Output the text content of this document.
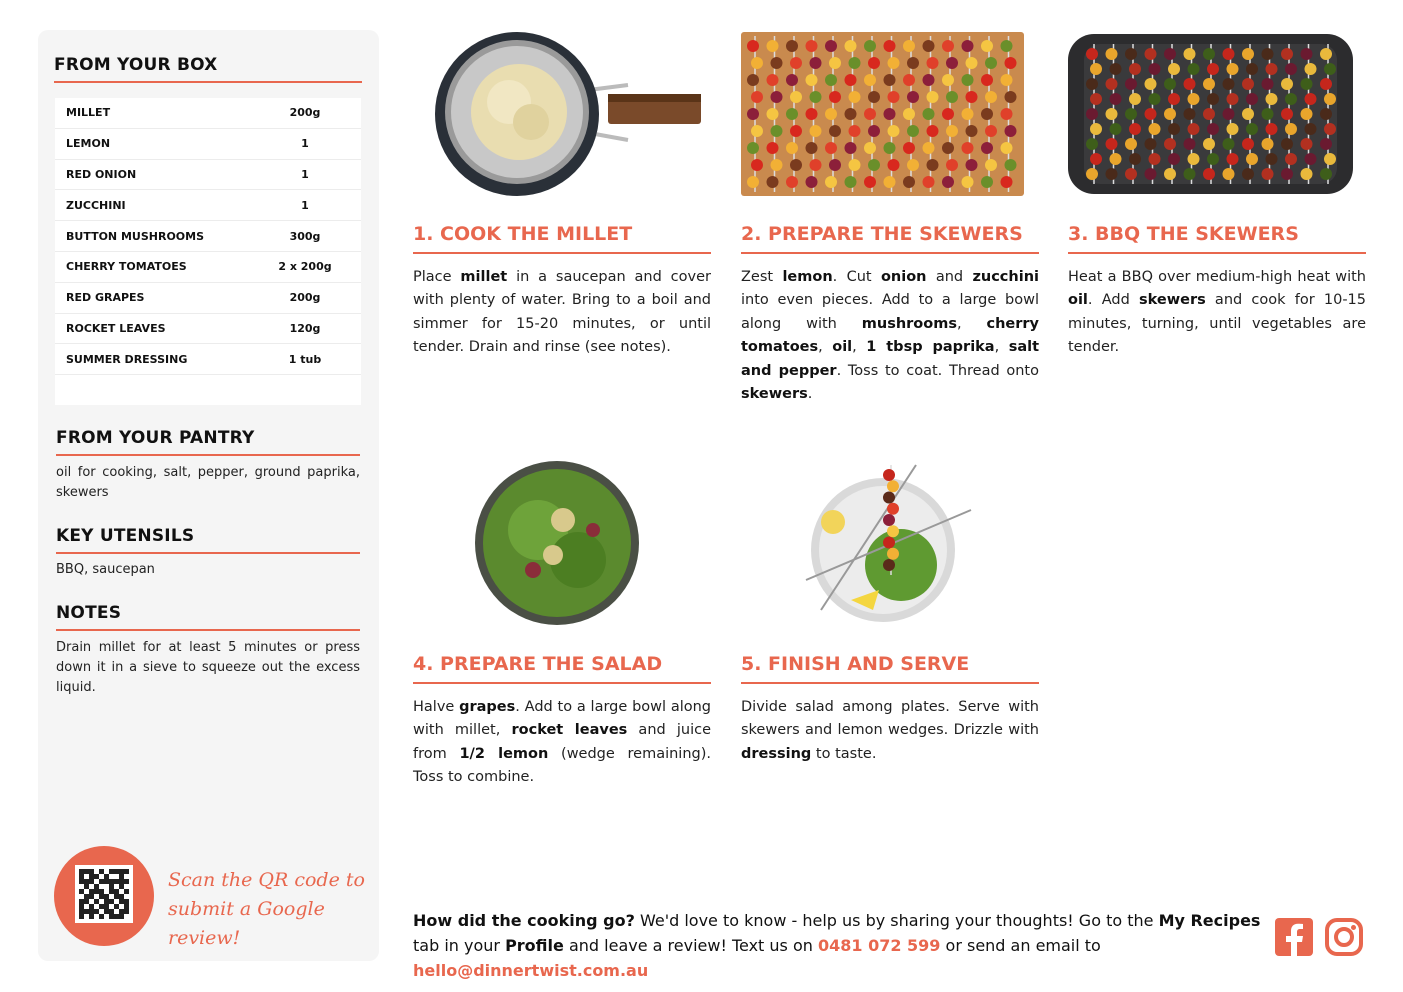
FROM YOUR BOX
MILLET	200g
LEMON	1
RED ONION	1
ZUCCHINI	1
BUTTON MUSHROOMS	300g
CHERRY TOMATOES	2 x 200g
RED GRAPES	200g
ROCKET LEAVES	120g
SUMMER DRESSING	1 tub
FROM YOUR PANTRY
oil for cooking, salt, pepper, ground paprika, skewers
KEY UTENSILS
BBQ, saucepan
NOTES
Drain millet for at least 5 minutes or press down it in a sieve to squeeze out the excess liquid.
Scan the QR code to
submit a Google review!
1. COOK THE MILLET
Place millet in a saucepan and cover with plenty of water. Bring to a boil and simmer for 15-20 minutes, or until tender. Drain and rinse (see notes).
2. PREPARE THE SKEWERS
Zest lemon. Cut onion and zucchini into even pieces. Add to a large bowl along with mushrooms, cherry tomatoes, oil, 1 tbsp paprika, salt and pepper. Toss to coat. Thread onto skewers.
3. BBQ THE SKEWERS
Heat a BBQ over medium-high heat with oil. Add skewers and cook for 10-15 minutes, turning, until vegetables are tender.
4. PREPARE THE SALAD
Halve grapes. Add to a large bowl along with millet, rocket leaves and juice from 1/2 lemon (wedge remaining). Toss to combine.
5. FINISH AND SERVE
Divide salad among plates. Serve with skewers and lemon wedges. Drizzle with dressing to taste.
How did the cooking go? We'd love to know - help us by sharing your thoughts! Go to the My Recipes tab in your Profile and leave a review! Text us on 0481 072 599 or send an email to hello@dinnertwist.com.au
